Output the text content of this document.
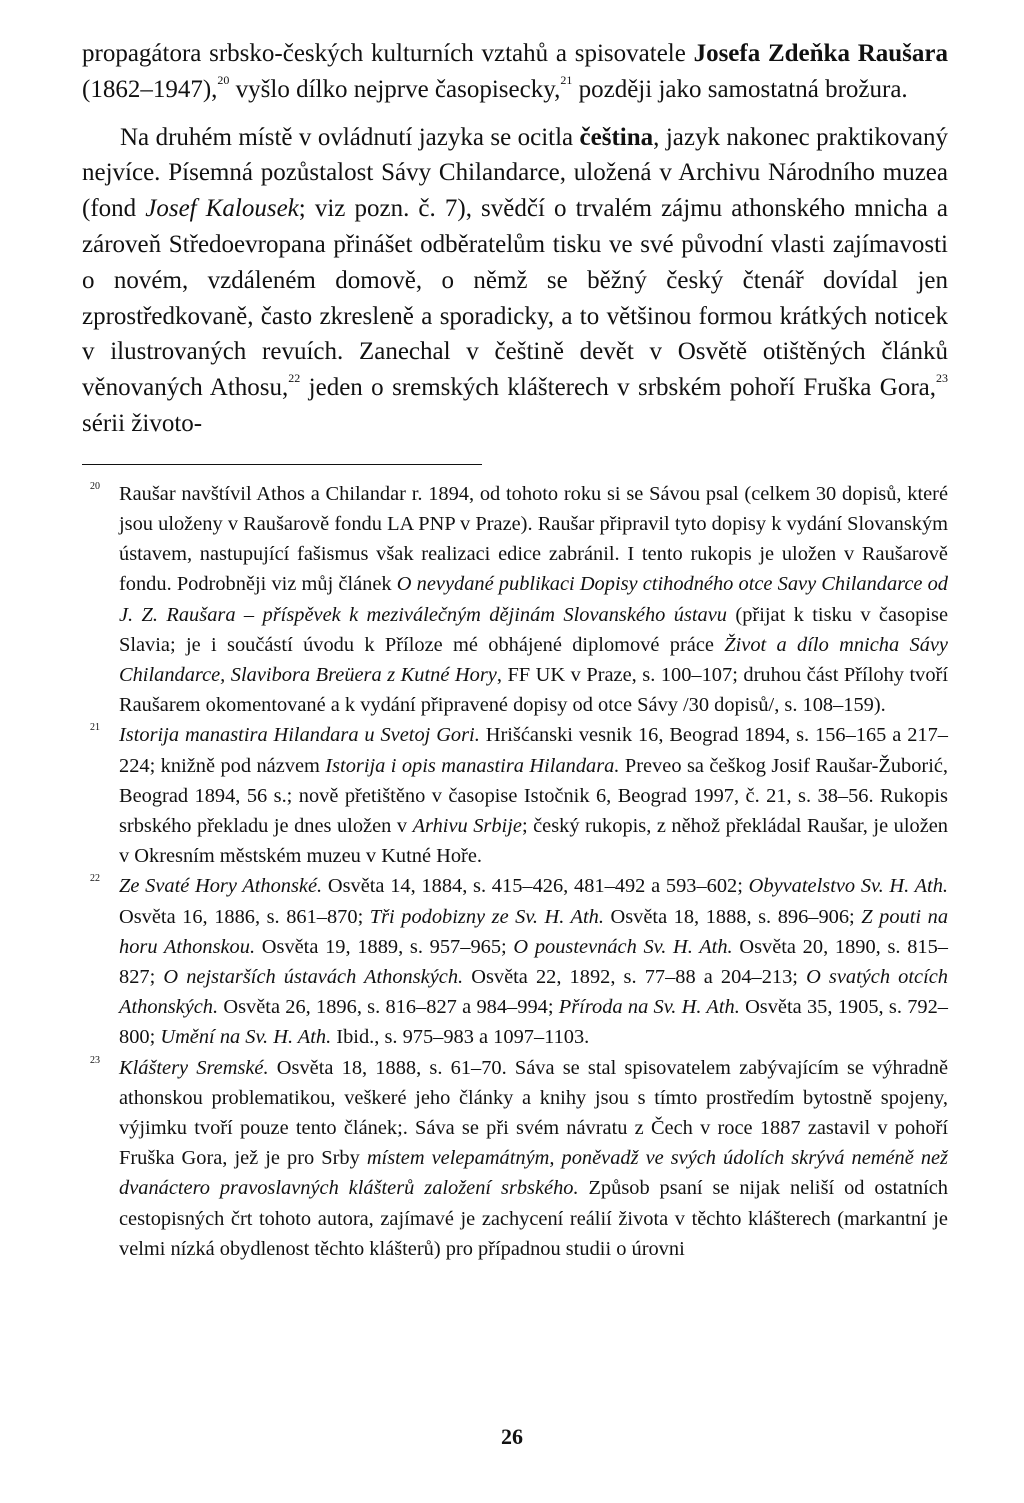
propagátora srbsko-českých kulturních vztahů a spisovatele Josefa Zdeňka Raušara (1862–1947),$^{20}$ vyšlo dílko nejprve časopisecky,$^{21}$ později jako samostatná brožura.

Na druhém místě v ovládnutí jazyka se ocitla čeština, jazyk nakonec praktikovaný nejvíce. Písemná pozůstalost Sávy Chilandarce, uložená v Archivu Národního muzea (fond Josef Kalousek; viz pozn. č. 7), svědčí o trvalém zájmu athonského mnicha a zároveň Středoevropana přinášet odběratelům tisku ve své původní vlasti zajímavosti o novém, vzdáleném domově, o němž se běžný český čtenář dovídal jen zprostředkovaně, často zkresleně a sporadicky, a to většinou formou krátkých noticek v ilustrovaných revuích. Zanechal v češtině devět v Osvětě otištěných článků věnovaných Athosu,$^{22}$ jeden o sremských klášterech v srbském pohoří Fruška Gora,$^{23}$ sérii životo-

20 Raušar navštívil Athos a Chilandar r. 1894, od tohoto roku si se Sávou psal (celkem 30 dopisů, které jsou uloženy v Raušarově fondu LA PNP v Praze). Raušar připravil tyto dopisy k vydání Slovanským ústavem, nastupující fašismus však realizaci edice zabránil. I tento rukopis je uložen v Raušarově fondu. Podrobněji viz můj článek O nevydané publikaci Dopisy ctihodného otce Savy Chilandarce od J. Z. Raušara – příspěvek k meziválečným dějinám Slovanského ústavu (přijat k tisku v časopise Slavia; je i součástí úvodu k Příloze mé obhájené diplomové práce Život a dílo mnicha Sávy Chilandarce, Slavibora Breüera z Kutné Hory, FF UK v Praze, s. 100–107; druhou část Přílohy tvoří Raušarem okomentované a k vydání připravené dopisy od otce Sávy /30 dopisů/, s. 108–159).

21 Istorija manastira Hilandara u Svetoj Gori. Hrišćanski vesnik 16, Beograd 1894, s. 156–165 a 217–224; knižně pod názvem Istorija i opis manastira Hilandara. Preveo sa češkog Josif Raušar-Žuborić, Beograd 1894, 56 s.; nově přetištěno v časopise Istočnik 6, Beograd 1997, č. 21, s. 38–56. Rukopis srbského překladu je dnes uložen v Arhivu Srbije; český rukopis, z něhož překládal Raušar, je uložen v Okresním městském muzeu v Kutné Hoře.

22 Ze Svaté Hory Athonské. Osvěta 14, 1884, s. 415–426, 481–492 a 593–602; Obyvatelstvo Sv. H. Ath. Osvěta 16, 1886, s. 861–870; Tři podobizny ze Sv. H. Ath. Osvěta 18, 1888, s. 896–906; Z pouti na horu Athonskou. Osvěta 19, 1889, s. 957–965; O poustevnách Sv. H. Ath. Osvěta 20, 1890, s. 815–827; O nejstarších ústavách Athonských. Osvěta 22, 1892, s. 77–88 a 204–213; O svatých otcích Athonských. Osvěta 26, 1896, s. 816–827 a 984–994; Příroda na Sv. H. Ath. Osvěta 35, 1905, s. 792–800; Umění na Sv. H. Ath. Ibid., s. 975–983 a 1097–1103.

23 Kláštery Sremské. Osvěta 18, 1888, s. 61–70. Sáva se stal spisovatelem zabývajícím se výhradně athonskou problematikou, veškeré jeho články a knihy jsou s tímto prostředím bytostně spojeny, výjimku tvoří pouze tento článek;. Sáva se při svém návratu z Čech v roce 1887 zastavil v pohoří Fruška Gora, jež je pro Srby místem velepamátným, poněvadž ve svých údolích skrývá neméně než dvanáctero pravoslavných klášterů založení srbského. Způsob psaní se nijak neliší od ostatních cestopisných črt tohoto autora, zajímavé je zachycení reálií života v těchto klášterech (markantní je velmi nízká obydlenost těchto klášterů) pro případnou studii o úrovni

26
